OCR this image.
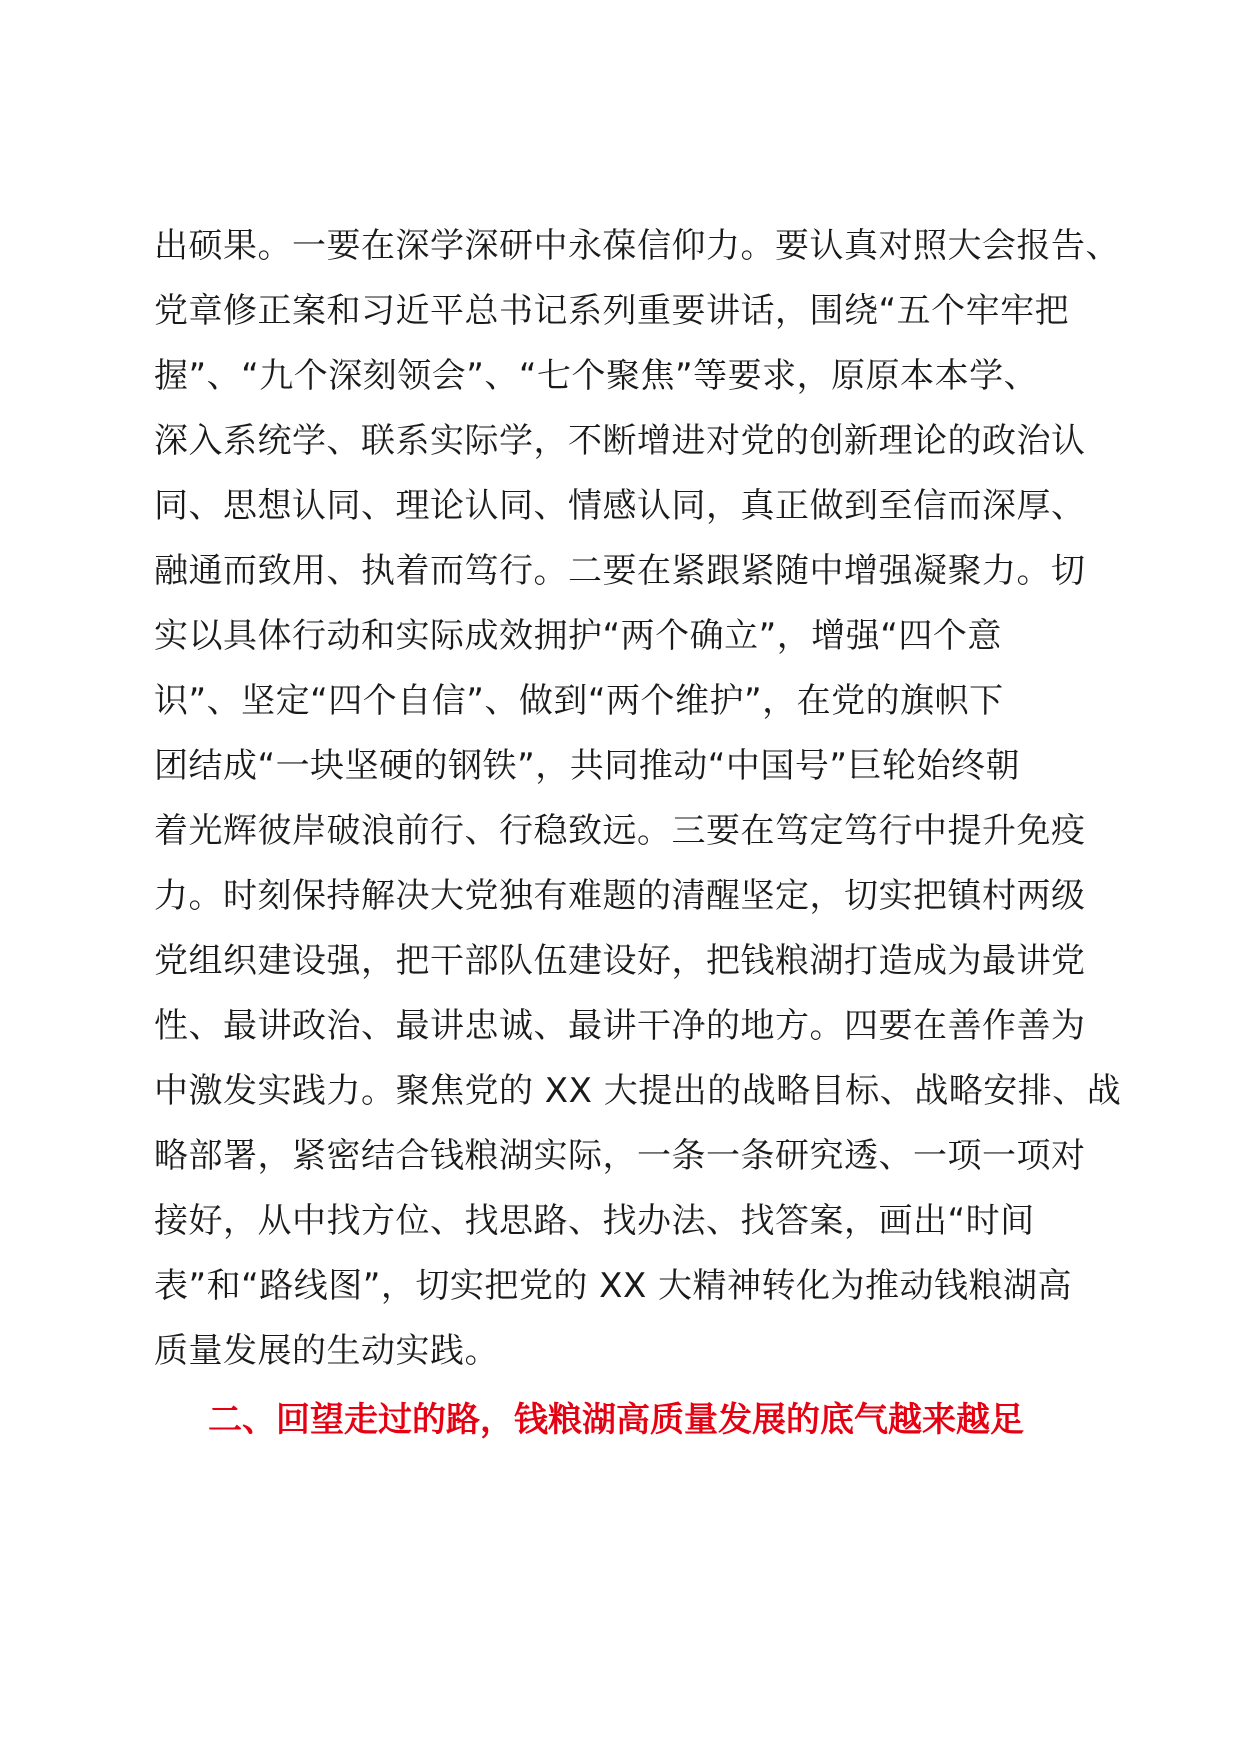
出硕果。一要在深学深研中永葆信仰力。要认真对照大会报告、
党章修正案和习近平总书记系列重要讲话，围绕“五个牢牢把
握”、“九个深刻领会”、“七个聚焦”等要求，原原本本学、
深入系统学、联系实际学，不断增进对党的创新理论的政治认
同、思想认同、理论认同、情感认同，真正做到至信而深厚、
融通而致用、执着而笃行。二要在紧跟紧随中增强凝聚力。切
实以具体行动和实际成效拥护“两个确立”，增强“四个意
识”、坚定“四个自信”、做到“两个维护”，在党的旗帜下
团结成“一块坚硬的钢铁”，共同推动“中国号”巨轮始终朝
着光辉彼岸破浪前行、行稳致远。三要在笃定笃行中提升免疫
力。时刻保持解决大党独有难题的清醒坚定，切实把镇村两级
党组织建设强，把干部队伍建设好，把钱粮湖打造成为最讲党
性、最讲政治、最讲忠诚、最讲干净的地方。四要在善作善为
中激发实践力。聚焦党的 XX 大提出的战略目标、战略安排、战
略部署，紧密结合钱粮湖实际，一条一条研究透、一项一项对
接好，从中找方位、找思路、找办法、找答案，画出“时间
表”和“路线图”，切实把党的 XX 大精神转化为推动钱粮湖高
质量发展的生动实践。
二、回望走过的路，钱粮湖高质量发展的底气越来越足
